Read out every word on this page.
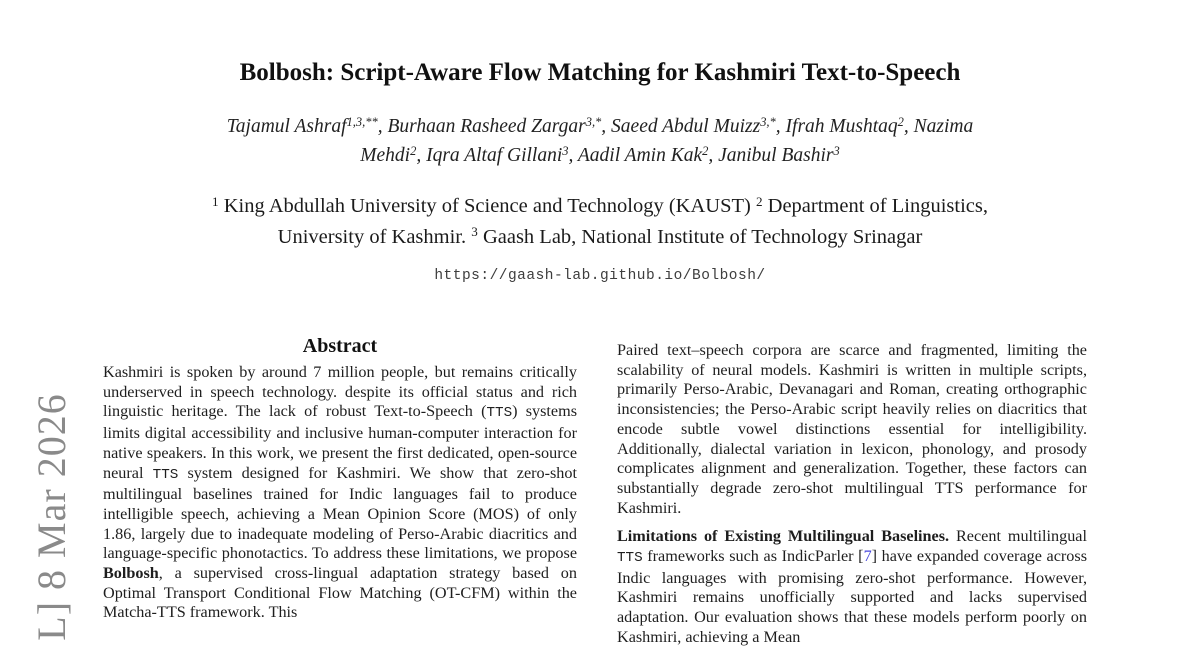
L] 8 Mar 2026
Bolbosh: Script-Aware Flow Matching for Kashmiri Text-to-Speech
Tajamul Ashraf$^{1,3,**}$, Burhaan Rasheed Zargar$^{3,*}$, Saeed Abdul Muizz$^{3,*}$, Ifrah Mushtaq$^2$, Nazima
Mehdi$^2$, Iqra Altaf Gillani$^3$, Aadil Amin Kak$^2$, Janibul Bashir$^3$
$^1$ King Abdullah University of Science and Technology (KAUST) $^2$ Department of Linguistics,
University of Kashmir. $^3$ Gaash Lab, National Institute of Technology Srinagar
https://gaash-lab.github.io/Bolbosh/
Abstract

Kashmiri is spoken by around 7 million people, but remains critically underserved in speech technology. despite its official status and rich linguistic heritage. The lack of robust Text-to-Speech (TTS) systems limits digital accessibility and inclusive human-computer interaction for native speakers. In this work, we present the first dedicated, open-source neural TTS system designed for Kashmiri. We show that zero-shot multilingual baselines trained for Indic languages fail to produce intelligible speech, achieving a Mean Opinion Score (MOS) of only 1.86, largely due to inadequate modeling of Perso-Arabic diacritics and language-specific phonotactics. To address these limitations, we propose Bolbosh, a supervised cross-lingual adaptation strategy based on Optimal Transport Conditional Flow Matching (OT-CFM) within the Matcha-TTS framework. This

Paired text–speech corpora are scarce and fragmented, limiting the scalability of neural models. Kashmiri is written in multiple scripts, primarily Perso-Arabic, Devanagari and Roman, creating orthographic inconsistencies; the Perso-Arabic script heavily relies on diacritics that encode subtle vowel distinctions essential for intelligibility. Additionally, dialectal variation in lexicon, phonology, and prosody complicates alignment and generalization. Together, these factors can substantially degrade zero-shot multilingual TTS performance for Kashmiri.

Limitations of Existing Multilingual Baselines. Recent multilingual TTS frameworks such as IndicParler [7] have expanded coverage across Indic languages with promising zero-shot performance. However, Kashmiri remains unofficially supported and lacks supervised adaptation. Our evaluation shows that these models perform poorly on Kashmiri, achieving a Mean
